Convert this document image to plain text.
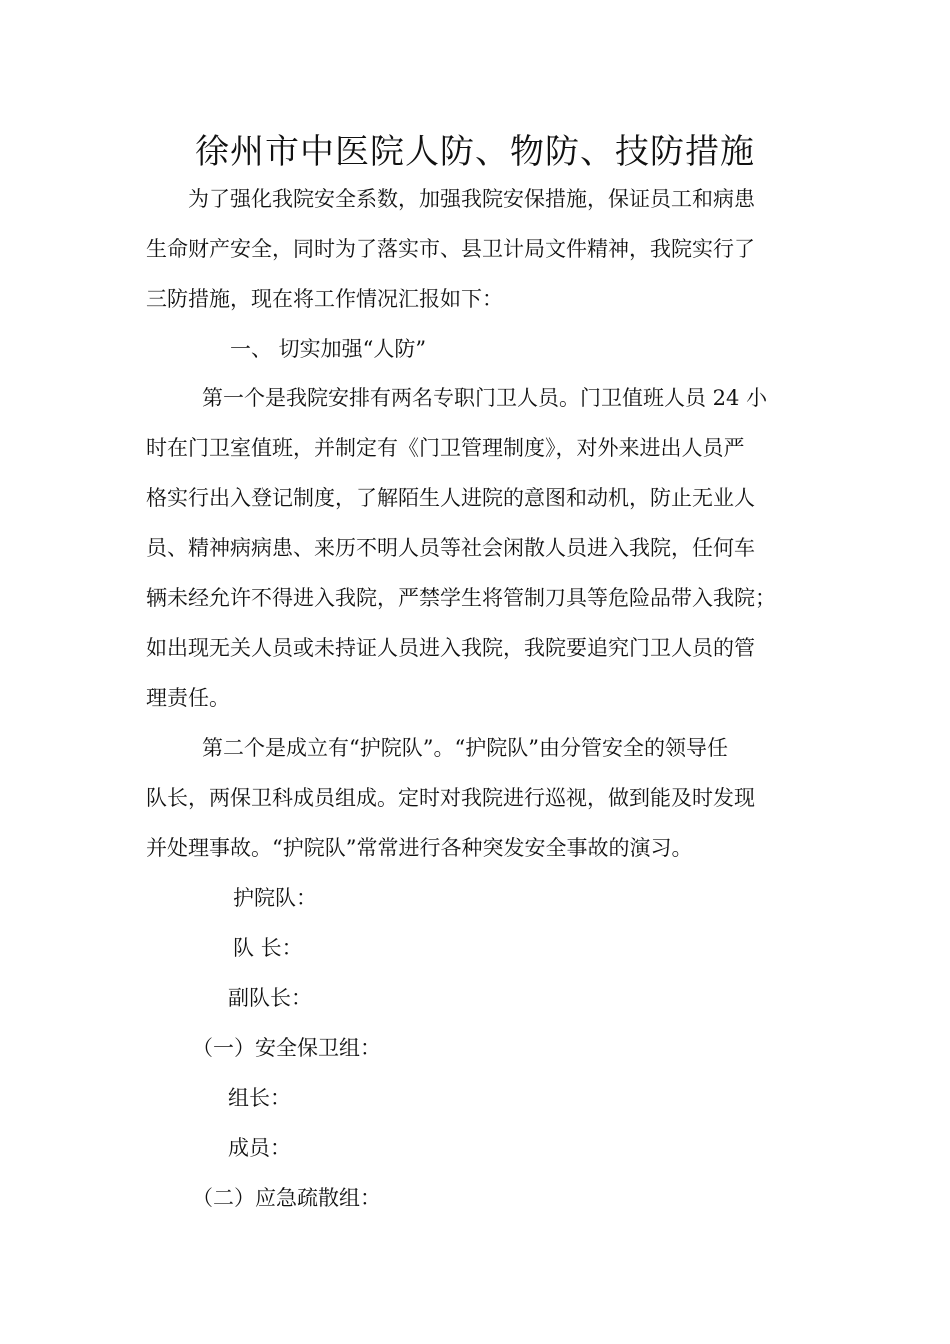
徐州市中医院人防、物防、技防措施

为了强化我院安全系数，加强我院安保措施，保证员工和病患

生命财产安全，同时为了落实市、县卫计局文件精神，我院实行了

三防措施，现在将工作情况汇报如下：

一、 切实加强“人防”

第一个是我院安排有两名专职门卫人员。门卫值班人员 24 小

时在门卫室值班，并制定有《门卫管理制度》，对外来进出人员严

格实行出入登记制度，了解陌生人进院的意图和动机，防止无业人

员、精神病病患、来历不明人员等社会闲散人员进入我院，任何车

辆未经允许不得进入我院，严禁学生将管制刀具等危险品带入我院；

如出现无关人员或未持证人员进入我院，我院要追究门卫人员的管

理责任。

第二个是成立有“护院队”。“护院队”由分管安全的领导任

队长，两保卫科成员组成。定时对我院进行巡视，做到能及时发现

并处理事故。“护院队”常常进行各种突发安全事故的演习。

护院队：

队 长：

副队长：

（一）安全保卫组：

组长：

成员：

（二）应急疏散组：
